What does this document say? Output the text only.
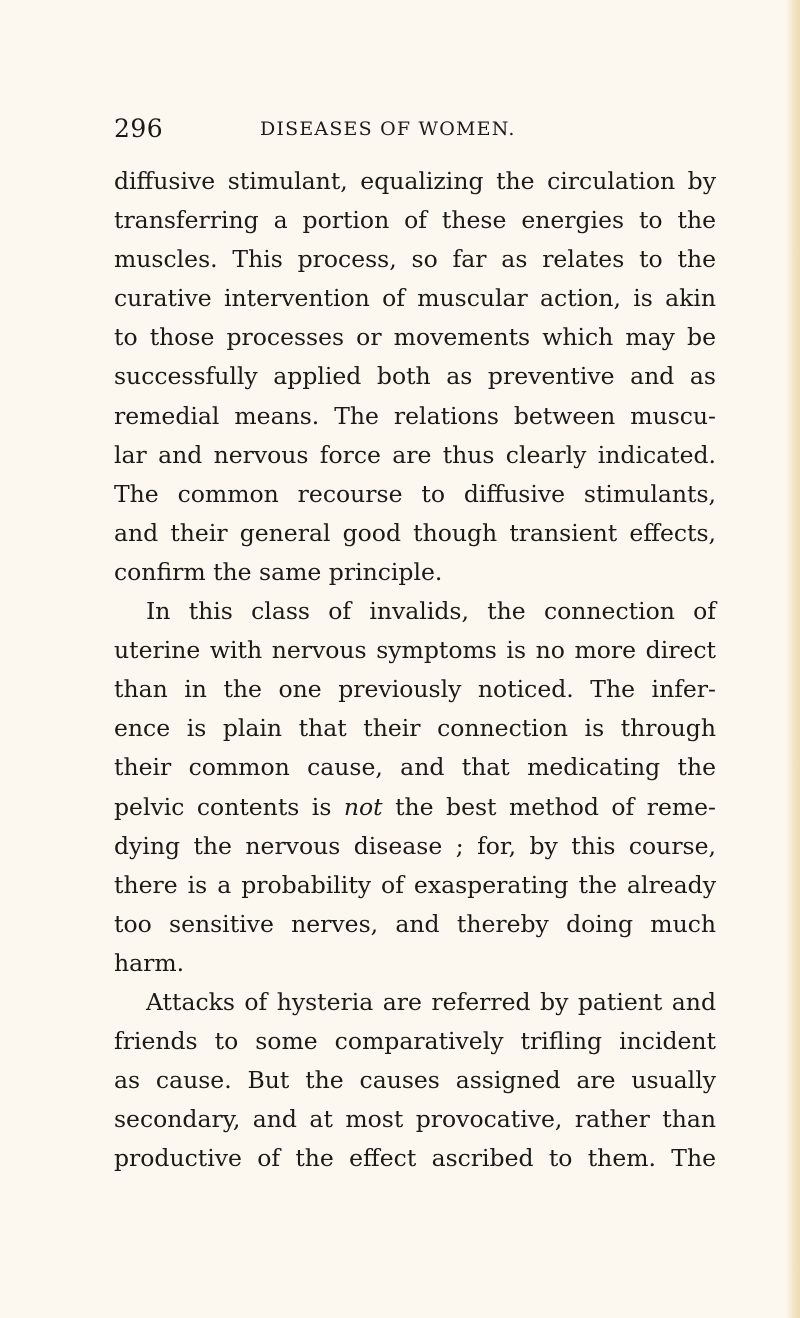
296	DISEASES OF WOMEN.
diffusive stimulant, equalizing the circulation by
transferring a portion of these energies to the
muscles. This process, so far as relates to the
curative intervention of muscular action, is akin
to those processes or movements which may be
successfully applied both as preventive and as
remedial means. The relations between muscu-
lar and nervous force are thus clearly indicated.
The common recourse to diffusive stimulants,
and their general good though transient effects,
confirm the same principle.
In this class of invalids, the connection of
uterine with nervous symptoms is no more direct
than in the one previously noticed. The infer-
ence is plain that their connection is through
their common cause, and that medicating the
pelvic contents is not the best method of reme-
dying the nervous disease ; for, by this course,
there is a probability of exasperating the already
too sensitive nerves, and thereby doing much
harm.
Attacks of hysteria are referred by patient and
friends to some comparatively trifling incident
as cause. But the causes assigned are usually
secondary, and at most provocative, rather than
productive of the effect ascribed to them. The
